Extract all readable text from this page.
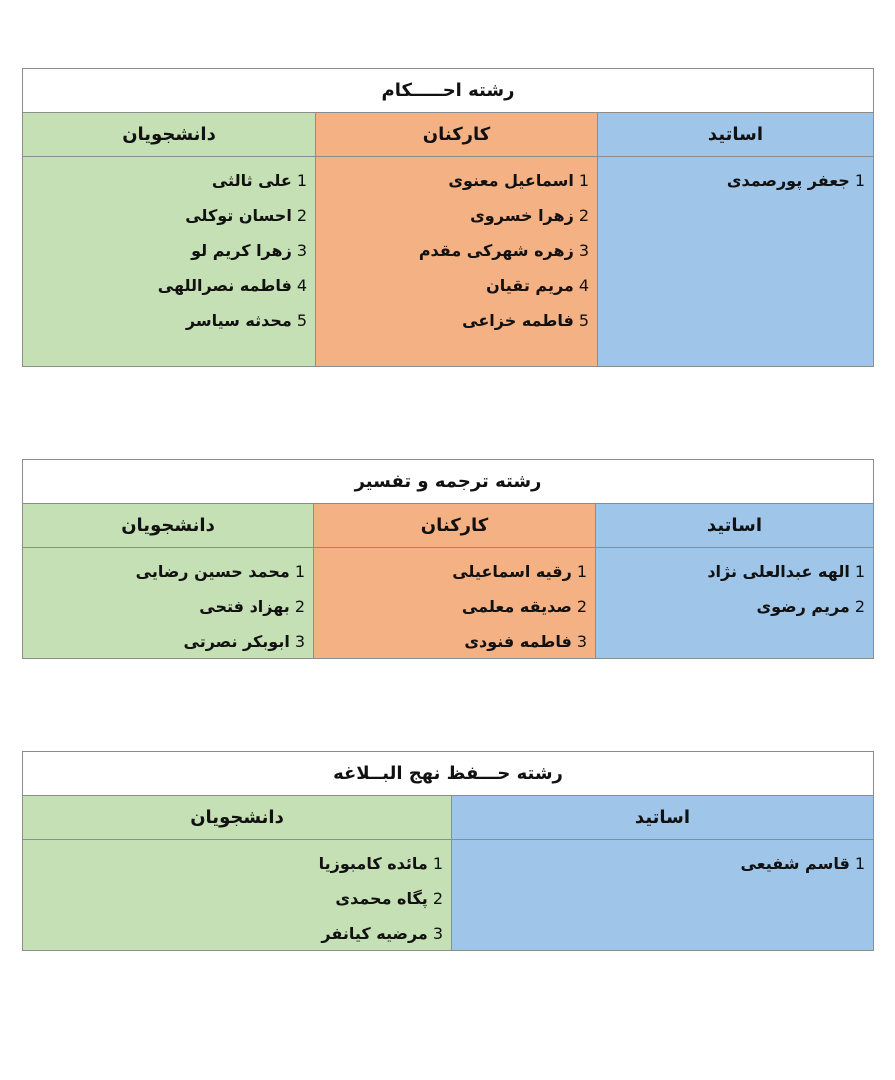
رشته احـــــکام
اساتید
1جعفر پورصمدی
کارکنان
1اسماعیل معنوی
2زهرا خسروی
3زهره شهرکی مقدم
4مریم تقیان
5فاطمه خزاعی
دانشجویان
1علی ثالثی
2احسان توکلی
3زهرا کریم لو
4فاطمه نصراللهی
5محدثه سیاسر
رشته ترجمه و تفسیر
اساتید
1الهه عبدالعلی نژاد
2مریم رضوی
کارکنان
1رقیه اسماعیلی
2صدیقه معلمی
3فاطمه فنودی
دانشجویان
1محمد حسین رضایی
2بهزاد فتحی
3ابوبکر نصرتی
رشته حـــفظ نهج البــلاغه
اساتید
1قاسم شفیعی
دانشجویان
1مائده کامبوزیا
2پگاه محمدی
3مرضیه کیانفر
